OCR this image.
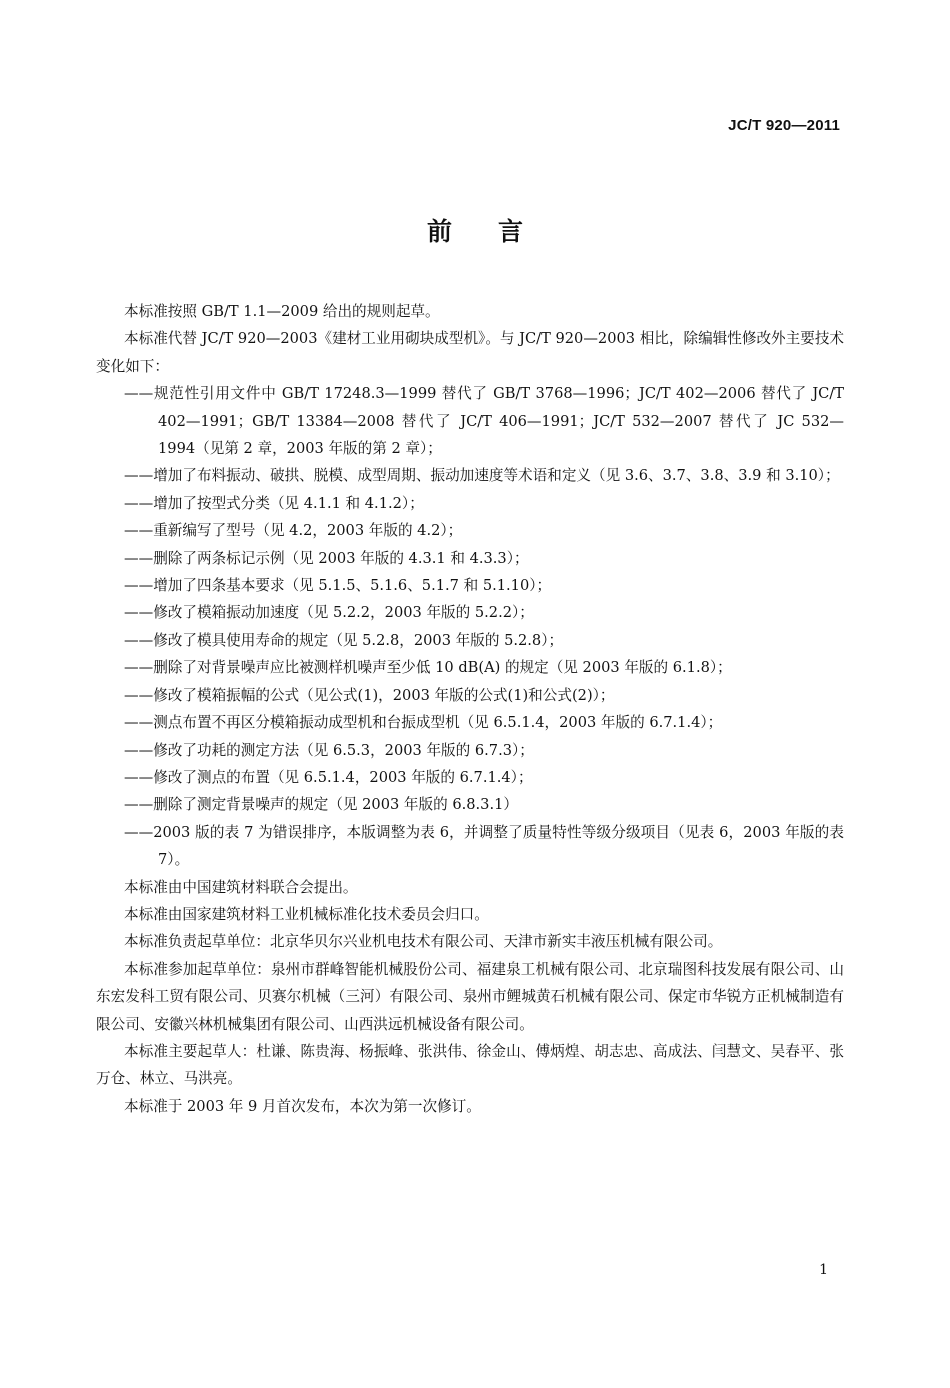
JC/T 920—2011
前言

本标准按照 GB/T 1.1—2009 给出的规则起草。

本标准代替 JC/T 920—2003《建材工业用砌块成型机》。与 JC/T 920—2003 相比，除编辑性修改外主要技术变化如下：

——规范性引用文件中 GB/T 17248.3—1999 替代了 GB/T 3768—1996；JC/T 402—2006 替代了 JC/T 402—1991；GB/T 13384—2008 替代了 JC/T 406—1991；JC/T 532—2007 替代了 JC 532—1994（见第 2 章，2003 年版的第 2 章）；

——增加了布料振动、破拱、脱模、成型周期、振动加速度等术语和定义（见 3.6、3.7、3.8、3.9 和 3.10）；

——增加了按型式分类（见 4.1.1 和 4.1.2）；

——重新编写了型号（见 4.2，2003 年版的 4.2）；

——删除了两条标记示例（见 2003 年版的 4.3.1 和 4.3.3）；

——增加了四条基本要求（见 5.1.5、5.1.6、5.1.7 和 5.1.10）；

——修改了模箱振动加速度（见 5.2.2，2003 年版的 5.2.2）；

——修改了模具使用寿命的规定（见 5.2.8，2003 年版的 5.2.8）；

——删除了对背景噪声应比被测样机噪声至少低 10 dB(A) 的规定（见 2003 年版的 6.1.8）；

——修改了模箱振幅的公式（见公式(1)，2003 年版的公式(1)和公式(2)）；

——测点布置不再区分模箱振动成型机和台振成型机（见 6.5.1.4，2003 年版的 6.7.1.4）；

——修改了功耗的测定方法（见 6.5.3，2003 年版的 6.7.3）；

——修改了测点的布置（见 6.5.1.4，2003 年版的 6.7.1.4）；

——删除了测定背景噪声的规定（见 2003 年版的 6.8.3.1）

——2003 版的表 7 为错误排序，本版调整为表 6，并调整了质量特性等级分级项目（见表 6，2003 年版的表 7）。

本标准由中国建筑材料联合会提出。

本标准由国家建筑材料工业机械标准化技术委员会归口。

本标准负责起草单位：北京华贝尔兴业机电技术有限公司、天津市新实丰液压机械有限公司。

本标准参加起草单位：泉州市群峰智能机械股份公司、福建泉工机械有限公司、北京瑞图科技发展有限公司、山东宏发科工贸有限公司、贝赛尔机械（三河）有限公司、泉州市鲤城黄石机械有限公司、保定市华锐方正机械制造有限公司、安徽兴林机械集团有限公司、山西洪远机械设备有限公司。

本标准主要起草人：杜谦、陈贵海、杨振峰、张洪伟、徐金山、傅炳煌、胡志忠、高成法、闫慧文、吴春平、张万仓、林立、马洪亮。

本标准于 2003 年 9 月首次发布，本次为第一次修订。

1
